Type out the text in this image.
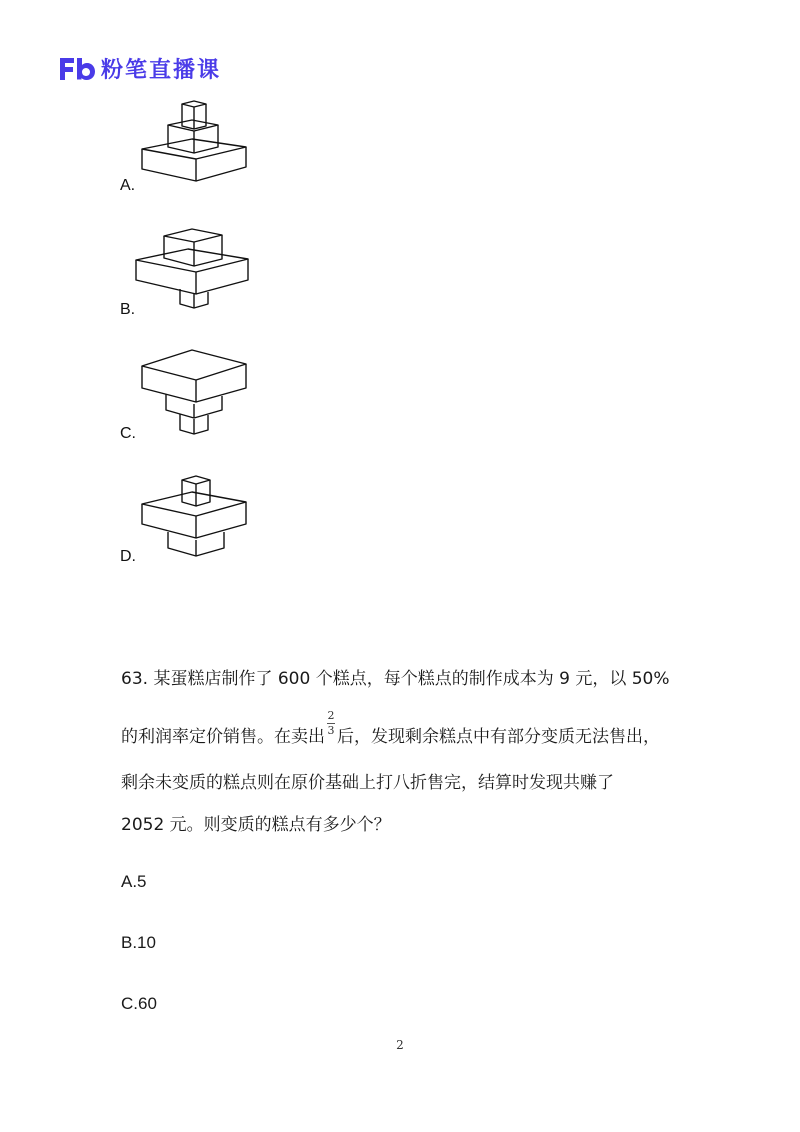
粉笔直播课
A.
B.
C.
D.
63. 某蛋糕店制作了 600 个糕点，每个糕点的制作成本为 9 元，以 50%
的利润率定价销售。在卖出
$\frac{2}{3}$
后，发现剩余糕点中有部分变质无法售出，
剩余未变质的糕点则在原价基础上打八折售完，结算时发现共赚了
2052 元。则变质的糕点有多少个？
A.5
B.10
C.60
2
